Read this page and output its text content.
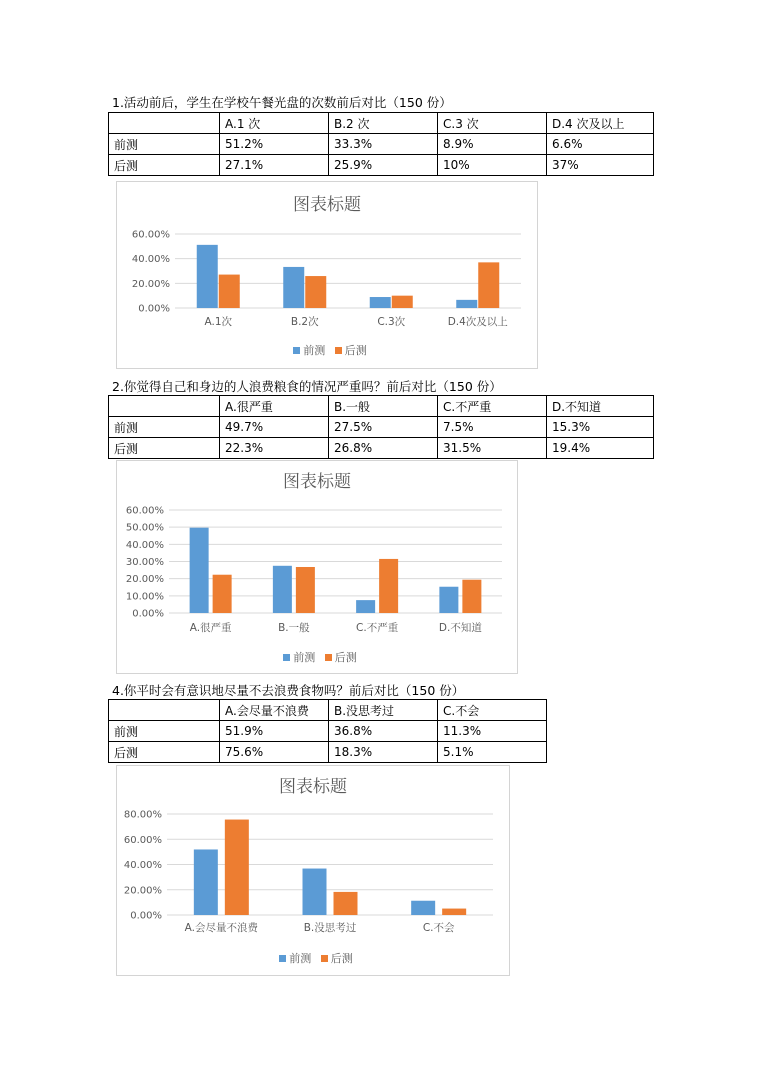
1.活动前后，学生在学校午餐光盘的次数前后对比（150 份）
	A.1 次	B.2 次	C.3 次	D.4 次及以上
前测	51.2%	33.3%	8.9%	6.6%
后测	27.1%	25.9%	10%	37%
图表标题
0.00%
20.00%
40.00%
60.00%
A.1次	B.2次	C.3次	D.4次及以上
前测 后测
2.你觉得自己和身边的人浪费粮食的情况严重吗？前后对比（150 份）
	A.很严重	B.一般	C.不严重	D.不知道
前测	49.7%	27.5%	7.5%	15.3%
后测	22.3%	26.8%	31.5%	19.4%
图表标题
0.00%
10.00%
20.00%
30.00%
40.00%
50.00%
60.00%
A.很严重	B.一般	C.不严重	D.不知道
前测 后测
4.你平时会有意识地尽量不去浪费食物吗？前后对比（150 份）
	A.会尽量不浪费	B.没思考过	C.不会
前测	51.9%	36.8%	11.3%
后测	75.6%	18.3%	5.1%
图表标题
0.00%
20.00%
40.00%
60.00%
80.00%
A.会尽量不浪费	B.没思考过	C.不会
前测 后测
